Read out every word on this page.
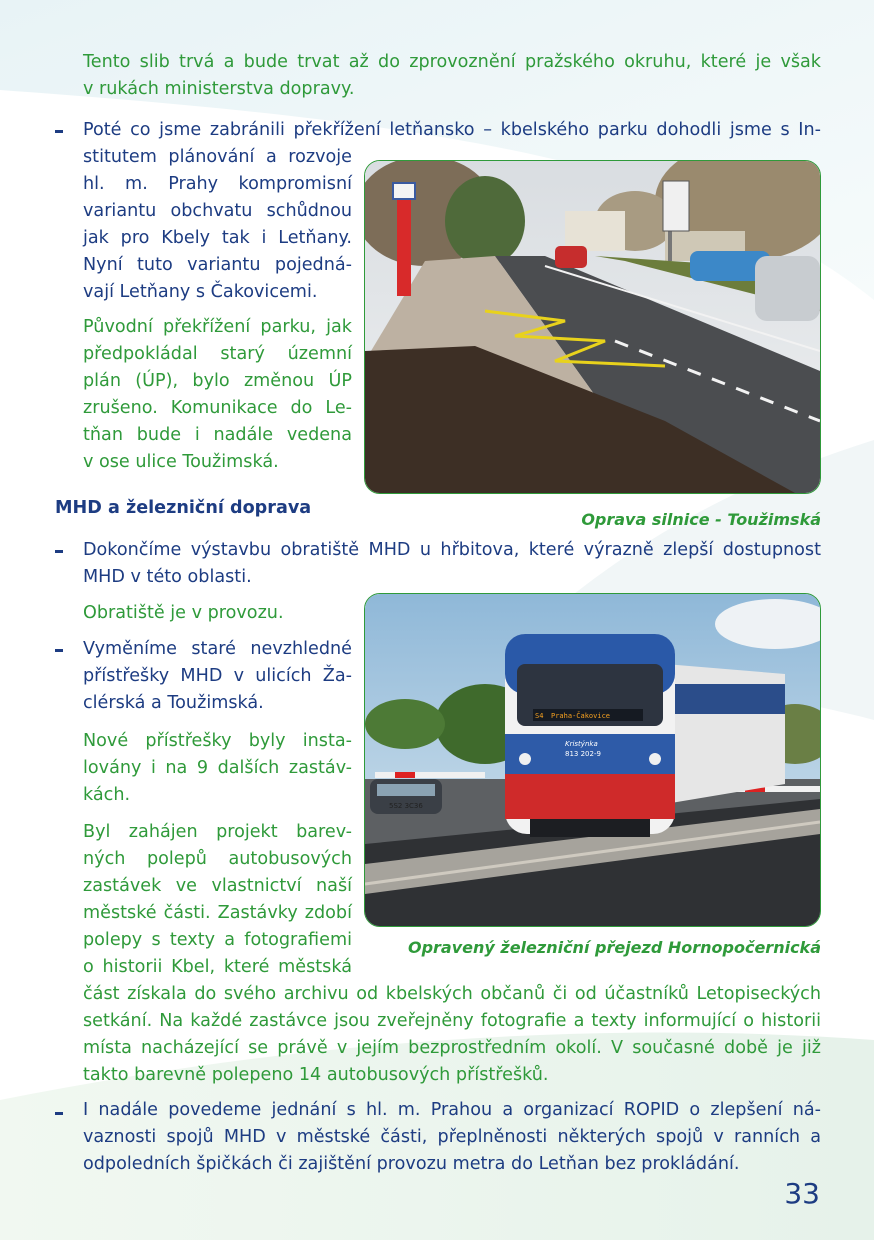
Tento slib trvá a bude trvat až do zprovoznění pražského okruhu, které je však
v rukách ministerstva dopravy.
Poté co jsme zabránili překřížení letňansko – kbelského parku dohodli jsme s In-
stitutem plánování a rozvoje
hl. m. Prahy kompromisní
variantu obchvatu schůdnou
jak pro Kbely tak i Letňany.
Nyní tuto variantu pojedná-
vají Letňany s Čakovicemi.
Původní překřížení parku, jak
předpokládal starý územní
plán (ÚP), bylo změnou ÚP
zrušeno. Komunikace do Le-
tňan bude i nadále vedena
v ose ulice Toužimská.

Oprava silnice - Toužimská

MHD a železniční doprava
Dokončíme výstavbu obratiště MHD u hřbitova, které výrazně zlepší dostupnost
MHD v této oblasti.
Obratiště je v provozu.
Vyměníme staré nevzhledné
přístřešky MHD v ulicích Ža-
clérská a Toužimská.
Nové přístřešky byly insta-
lovány i na 9 dalších zastáv-
kách.
Byl zahájen projekt barev-
ných polepů autobusových
zastávek ve vlastnictví naší
městské části. Zastávky zdobí
polepy s texty a fotografiemi
o historii Kbel, které městská
část získala do svého archivu od kbelských občanů či od účastníků Letopiseckých
setkání. Na každé zastávce jsou zveřejněny fotografie a texty informující o historii
místa nacházející se právě v jejím bezprostředním okolí. V současné době je již
takto barevně polepeno 14 autobusových přístřešků.
5S2 3C36
S4 Praha-Čakovice
Kristýnka
813 202-9

Opravený železniční přejezd Hornopočernická

I nadále povedeme jednání s hl. m. Prahou a organizací ROPID o zlepšení ná-
vaznosti spojů MHD v městské části, přeplněnosti některých spojů v ranních a
odpoledních špičkách či zajištění provozu metra do Letňan bez prokládání.
33
